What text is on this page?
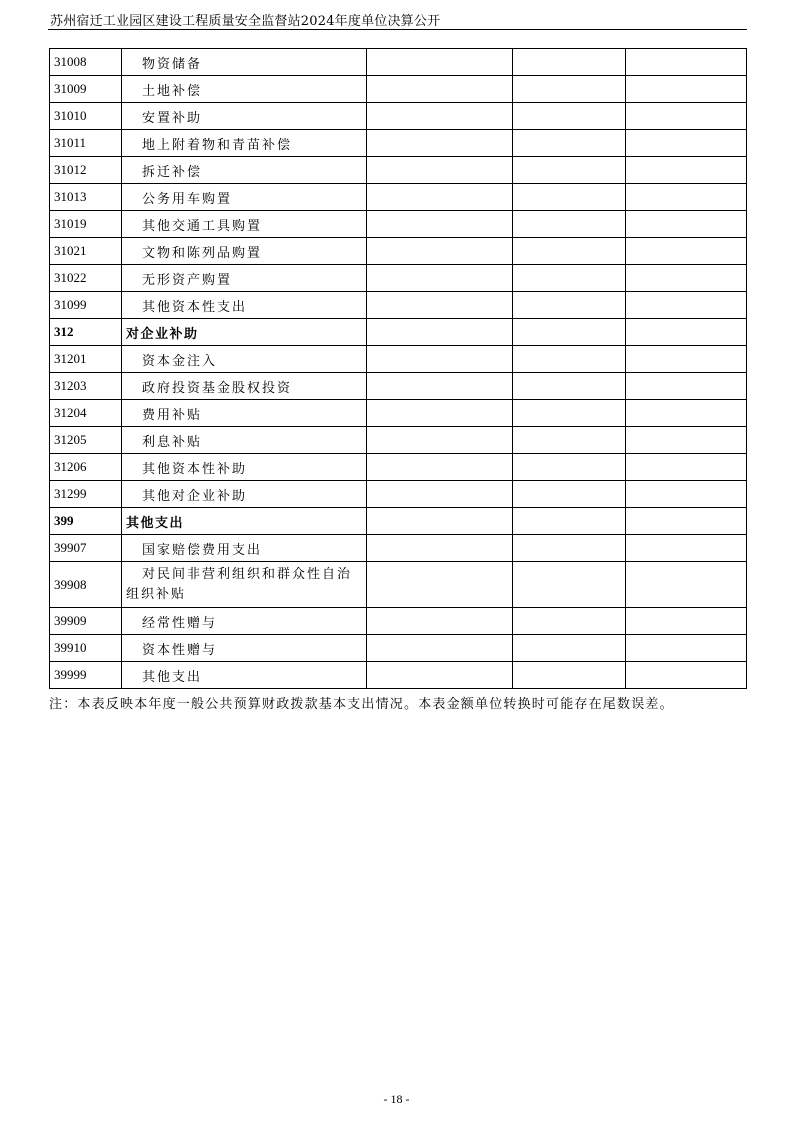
苏州宿迁工业园区建设工程质量安全监督站2024年度单位决算公开
31008	物资储备			

31009	土地补偿			

31010	安置补助			

31011	地上附着物和青苗补偿			

31012	拆迁补偿			

31013	公务用车购置			

31019	其他交通工具购置			

31021	文物和陈列品购置			

31022	无形资产购置			

31099	其他资本性支出			

312	对企业补助			
31201	资本金注入			

31203	政府投资基金股权投资			

31204	费用补贴			

31205	利息补贴			

31206	其他资本性补助			

31299	其他对企业补助			

399	其他支出			
39907	国家赔偿费用支出			

39908	对民间非营利组织和群众性自治
组织补贴			

39909	经常性赠与			

39910	资本性赠与			

39999	其他支出			

注：本表反映本年度一般公共预算财政拨款基本支出情况。本表金额单位转换时可能存在尾数误差。
- 18 -
